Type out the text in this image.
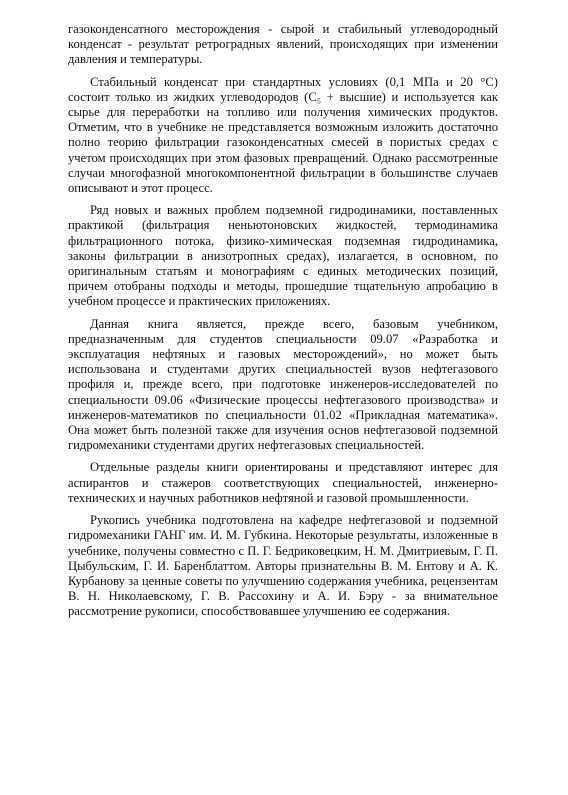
газоконденсатного месторождения - сырой и стабильный углеводородный конденсат - результат ретроградных явлений, происходящих при изменении давления и температуры.

Стабильный конденсат при стандартных условиях (0,1 МПа и 20 °С) состоит только из жидких углеводородов (C₅ + высшие) и используется как сырье для переработки на топливо или получения химических продуктов. Отметим, что в учебнике не представляется возможным изложить достаточно полно теорию фильтрации газоконденсатных смесей в пористых средах с учетом происходящих при этом фазовых превращений. Однако рассмотренные случаи многофазной многокомпонентной фильтрации в большинстве случаев описывают и этот процесс.

Ряд новых и важных проблем подземной гидродинамики, поставленных практикой (фильтрация неньютоновских жидкостей, термодинамика фильтрационного потока, физико-химическая подземная гидродинамика, законы фильтрации в анизотропных средах), излагается, в основном, по оригинальным статьям и монографиям с единых методических позиций, причем отобраны подходы и методы, прошедшие тщательную апробацию в учебном процессе и практических приложениях.

Данная книга является, прежде всего, базовым учебником, предназначенным для студентов специальности 09.07 «Разработка и эксплуатация нефтяных и газовых месторождений», но может быть использована и студентами других специальностей вузов нефтегазового профиля и, прежде всего, при подготовке инженеров-исследователей по специальности 09.06 «Физические процессы нефтегазового производства» и инженеров-математиков по специальности 01.02 «Прикладная математика». Она может быть полезной также для изучения основ нефтегазовой подземной гидромеханики студентами других нефтегазовых специальностей.

Отдельные разделы книги ориентированы и представляют интерес для аспирантов и стажеров соответствующих специальностей, инженерно-технических и научных работников нефтяной и газовой промышленности.

Рукопись учебника подготовлена на кафедре нефтегазовой и подземной гидромеханики ГАНГ им. И. М. Губкина. Некоторые результаты, изложенные в учебнике, получены совместно с П. Г. Бедриковецким, Н. М. Дмитриевым, Г. П. Цыбульским, Г. И. Баренблаттом. Авторы признательны В. М. Ентову и А. К. Курбанову за ценные советы по улучшению содержания учебника, рецензентам В. Н. Николаевскому, Г. В. Рассохину и А. И. Бэру - за внимательное рассмотрение рукописи, способствовавшее улучшению ее содержания.
